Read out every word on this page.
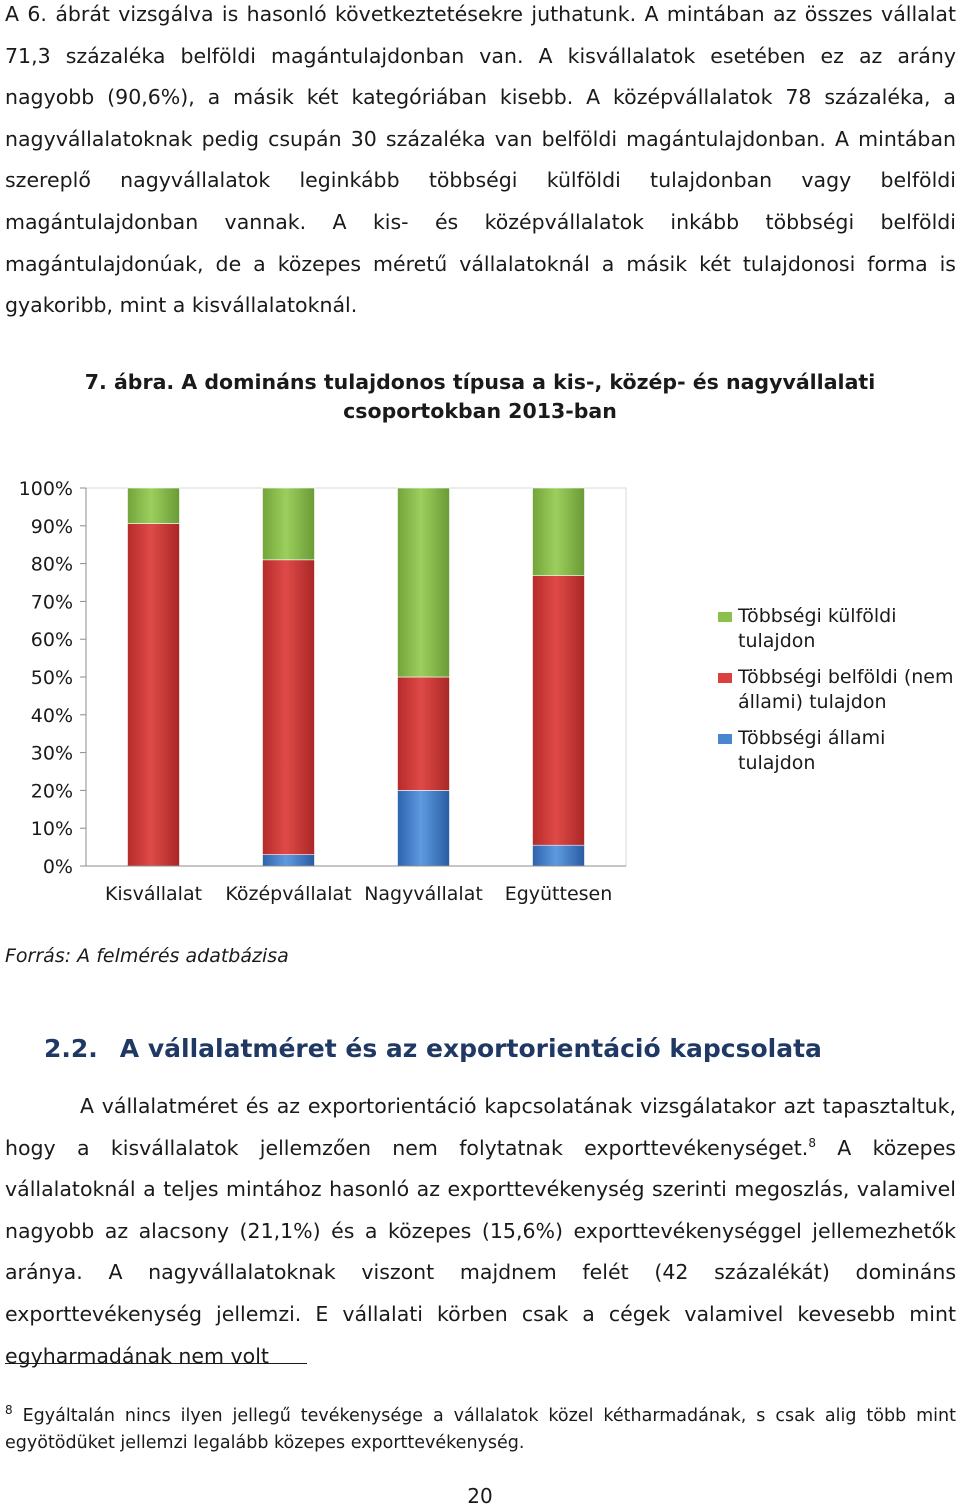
A 6. ábrát vizsgálva is hasonló következtetésekre juthatunk. A mintában az összes vállalat 71,3 százaléka belföldi magántulajdonban van. A kisvállalatok esetében ez az arány nagyobb (90,6%), a másik két kategóriában kisebb. A középvállalatok 78 százaléka, a nagyvállalatoknak pedig csupán 30 százaléka van belföldi magántulajdonban. A mintában szereplő nagyvállalatok leginkább többségi külföldi tulajdonban vagy belföldi magántulajdonban vannak. A kis- és középvállalatok inkább többségi belföldi magántulajdonúak, de a közepes méretű vállalatoknál a másik két tulajdonosi forma is gyakoribb, mint a kisvállalatoknál.

7. ábra. A domináns tulajdonos típusa a kis-, közép- és nagyvállalati
csoportokban 2013-ban
0%
10%
20%
30%
40%
50%
60%
70%
80%
90%
100%
Kisvállalat Középvállalat Nagyvállalat Együttesen
Többségi külföldi tulajdon
Többségi belföldi (nem állami) tulajdon
Többségi állami tulajdon

Forrás: A felmérés adatbázisa

2.2. A vállalatméret és az exportorientáció kapcsolata

A vállalatméret és az exportorientáció kapcsolatának vizsgálatakor azt tapasztaltuk, hogy a kisvállalatok jellemzően nem folytatnak exporttevékenységet.$^8$ A közepes vállalatoknál a teljes mintához hasonló az exporttevékenység szerinti megoszlás, valamivel nagyobb az alacsony (21,1%) és a közepes (15,6%) exporttevékenységgel jellemezhetők aránya. A nagyvállalatoknak viszont majdnem felét (42 százalékát) domináns exporttevékenység jellemzi. E vállalati körben csak a cégek valamivel kevesebb mint egyharmadának nem volt

$^8$ Egyáltalán nincs ilyen jellegű tevékenysége a vállalatok közel kétharmadának, s csak alig több mint egyötödüket jellemzi legalább közepes exporttevékenység.

20
